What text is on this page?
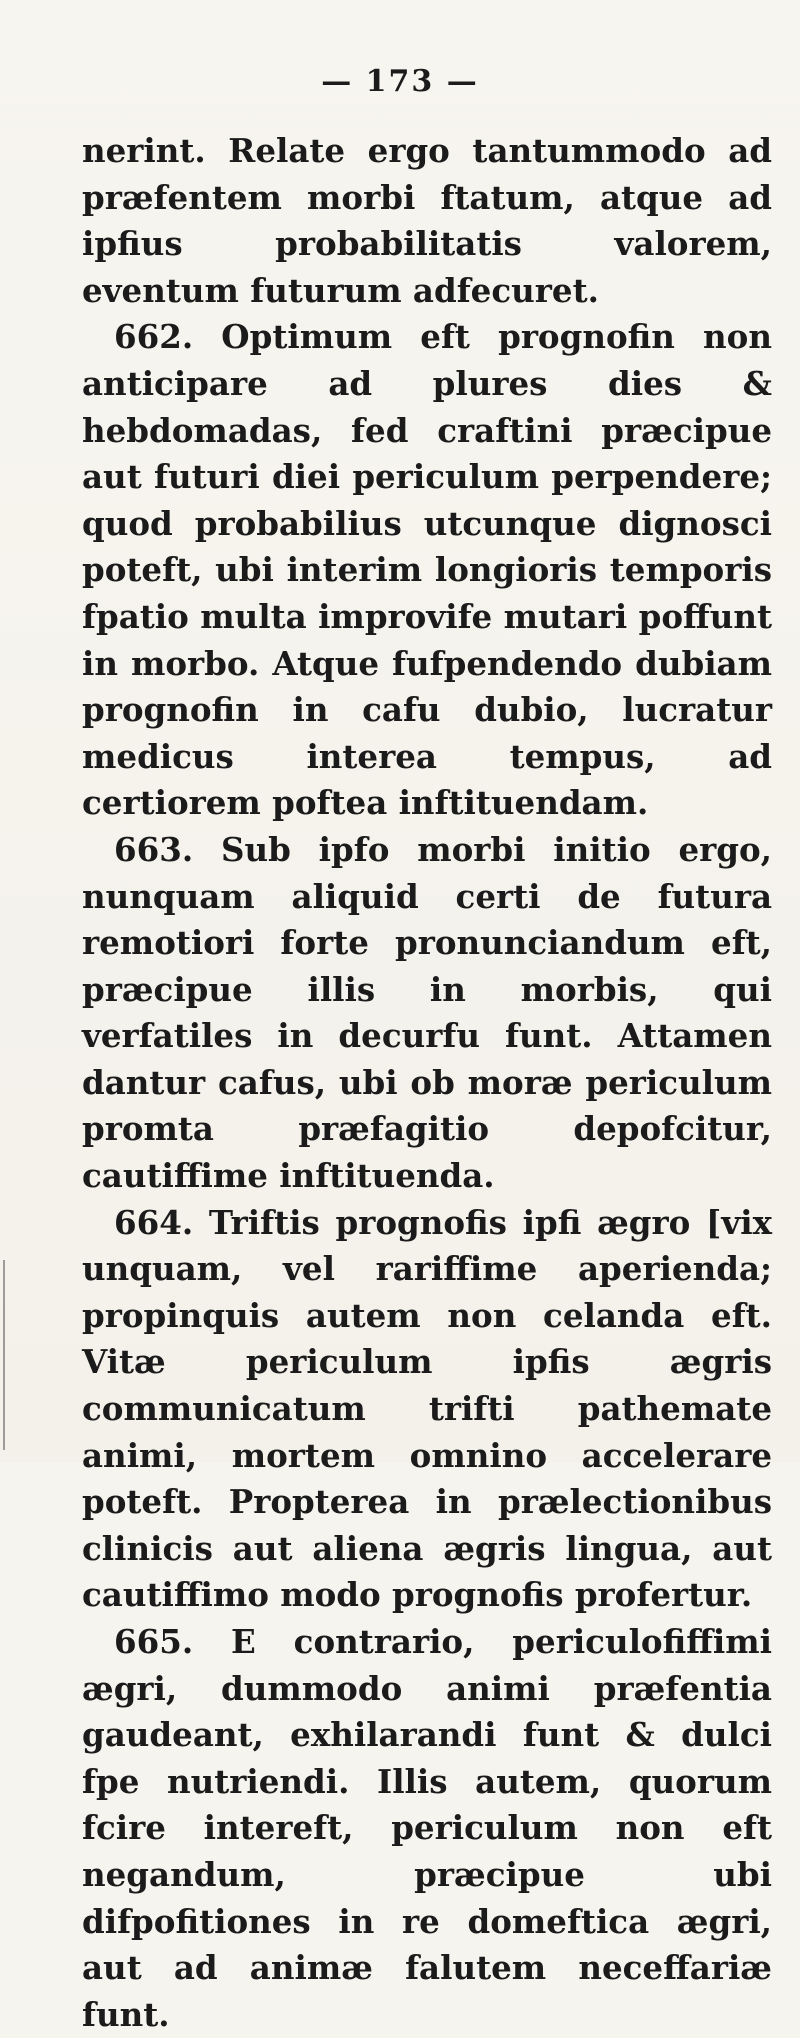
— 173 —

nerint. Relate ergo tantummodo ad præfentem morbi ftatum, atque ad ipfius probabilitatis valorem, eventum futurum adfecuret.

662. Optimum eft prognofin non anticipare ad plures dies & hebdomadas, fed craftini præcipue aut futuri diei periculum perpendere; quod probabilius utcunque dignosci poteft, ubi interim longioris temporis fpatio multa improvife mutari poffunt in morbo. Atque fufpendendo dubiam prognofin in cafu dubio, lucratur medicus interea tempus, ad certiorem pofteа inftituendam.

663. Sub ipfo morbi initio ergo, nunquam aliquid certi de futura remotiori forte pronunciandum eft, præcipue illis in morbis, qui verfatiles in decurfu funt. Attamen dantur cafus, ubi ob moræ periculum promta præfagitio depofcitur, cautiffime inftituenda.

664. Triftis prognofis ipfi ægro [vix unquam, vel rariffime aperienda; propinquis autem non celanda eft. Vitæ periculum ipfis ægris communicatum trifti pathemate animi, mortem omnino accelerare poteft. Propterea in prælectionibus clinicis aut aliena ægris lingua, aut cautiffimo modo prognofis profertur.

665. E contrario, periculofiffimi ægri, dummodo animi præfentia gaudeant, exhilarandi funt & dulci fpe nutriendi. Illis autem, quorum fcire intereft, periculum non eft negandum, præcipue ubi difpofitiones in re domeftica ægri, aut ad animæ falutem neceffariæ funt.
